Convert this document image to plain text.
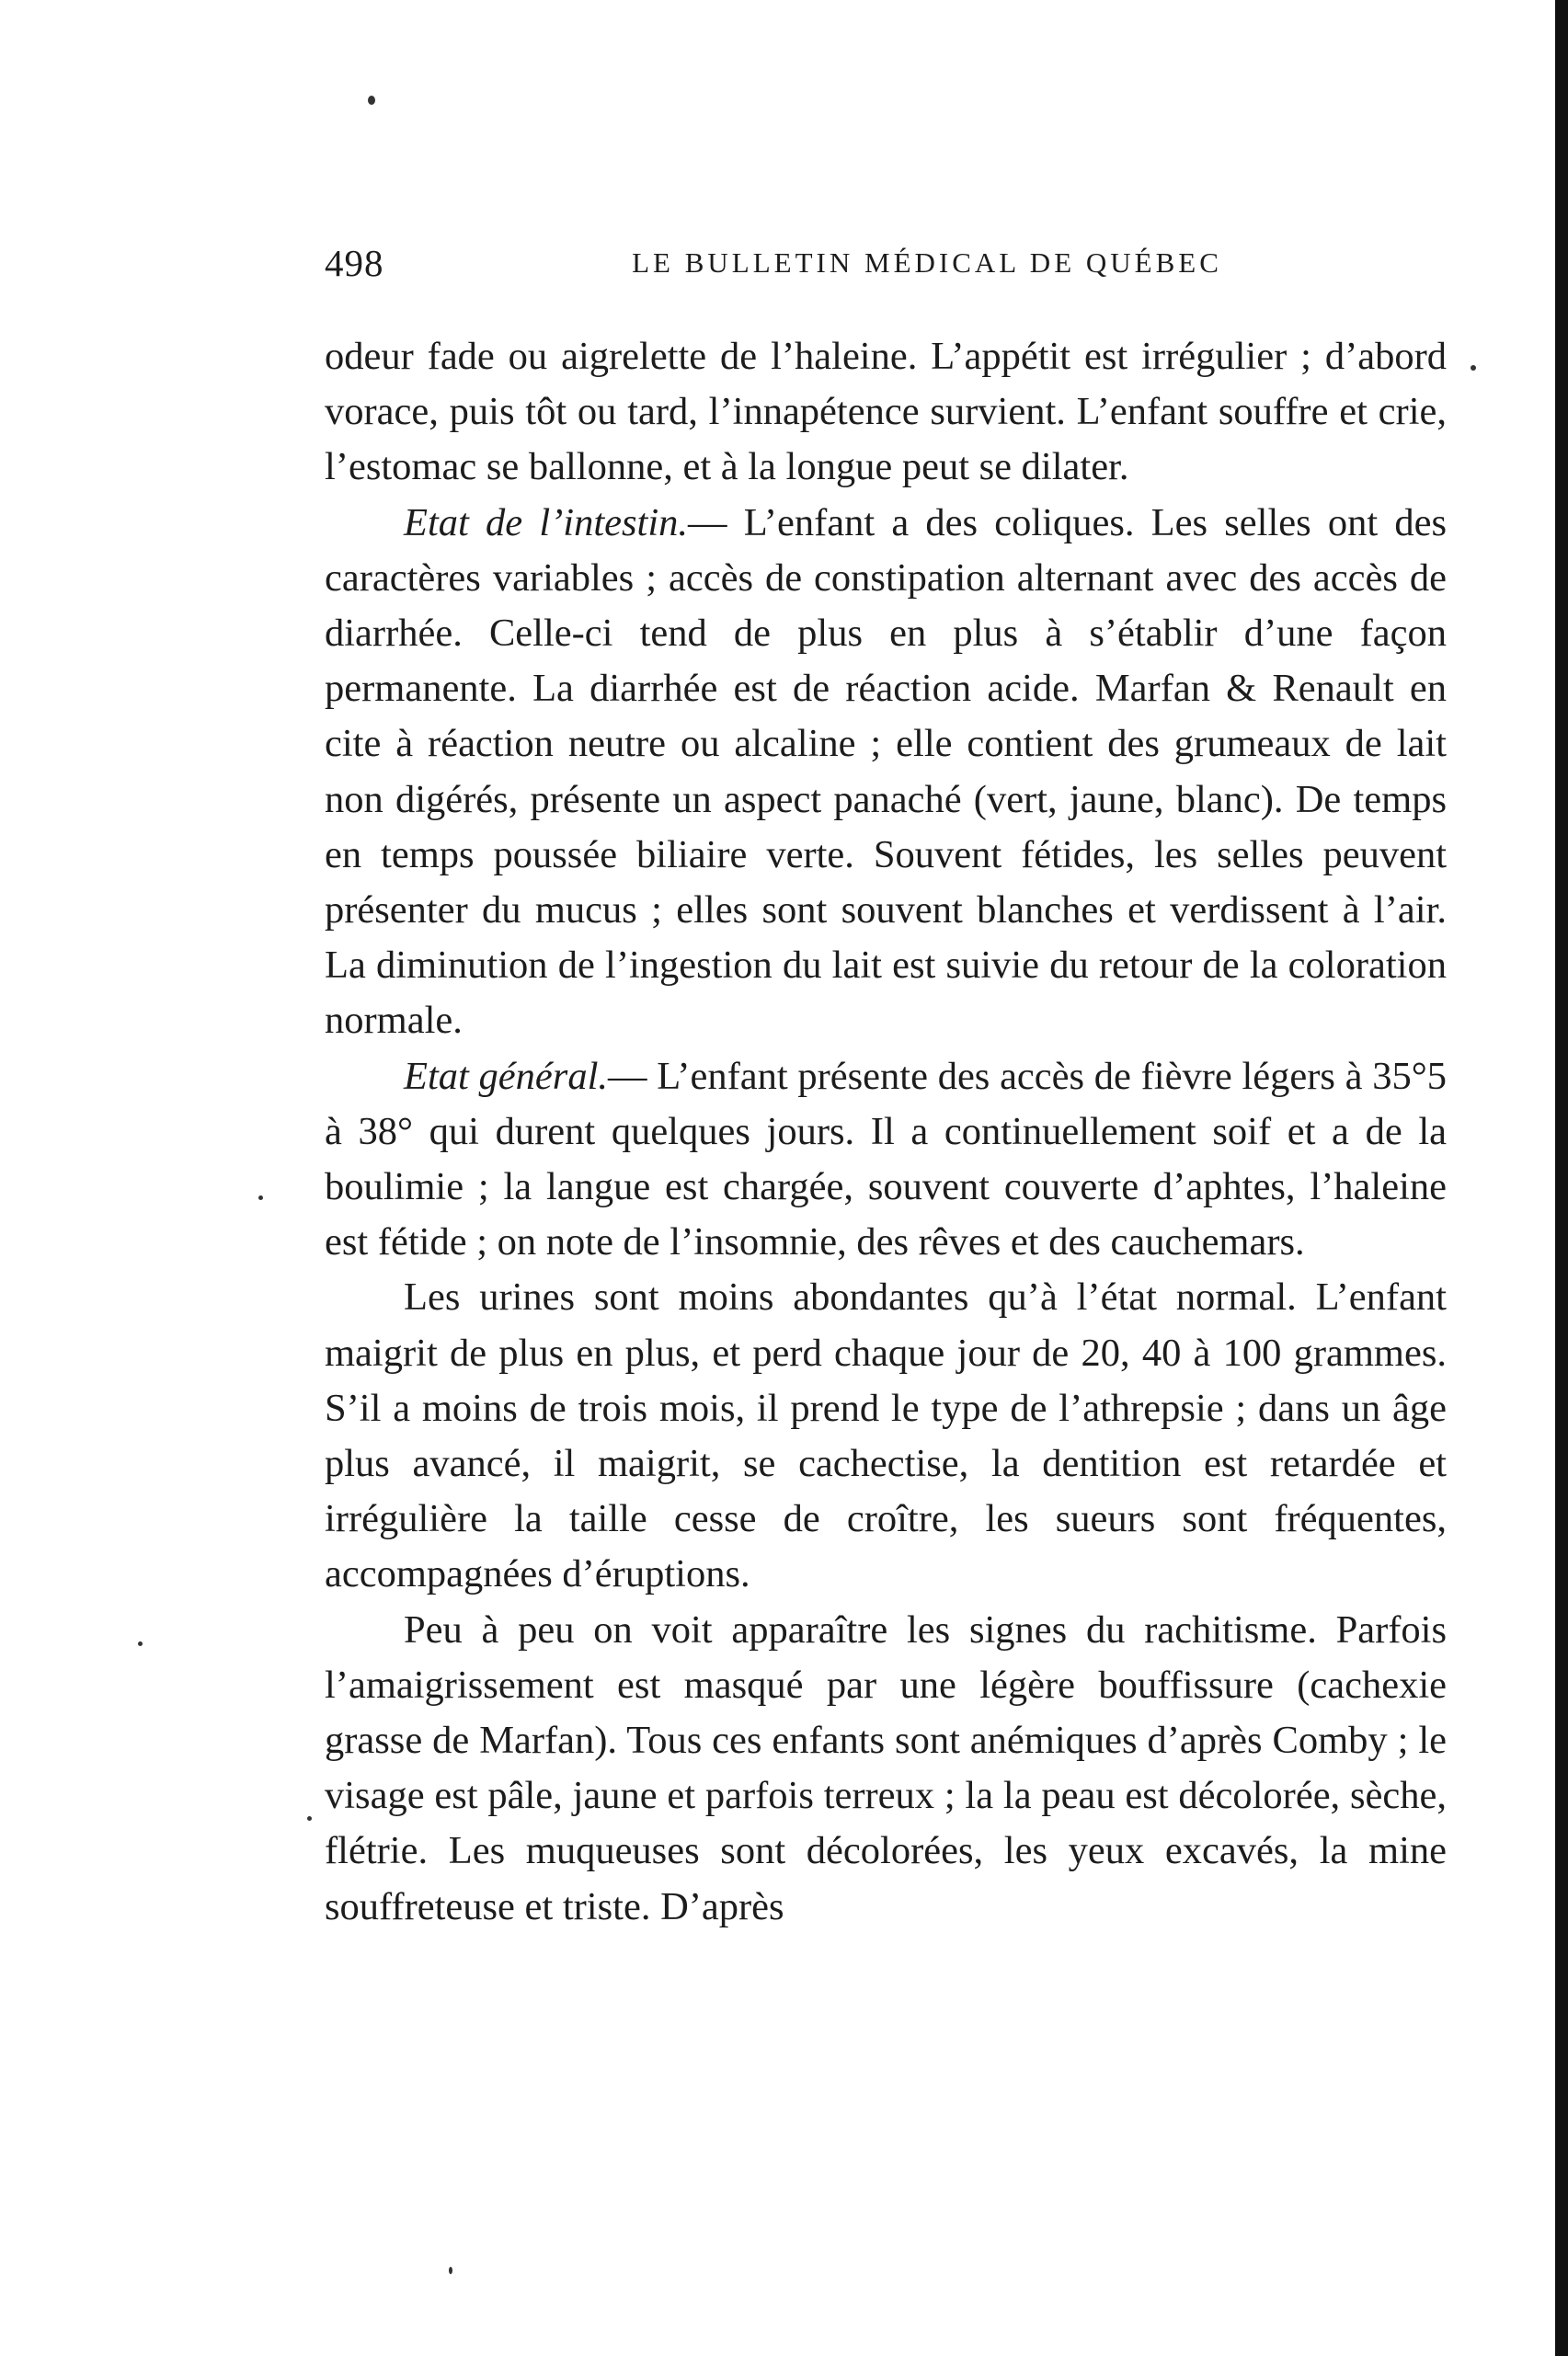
498	LE BULLETIN MÉDICAL DE QUÉBEC

odeur fade ou aigrelette de l’haleine. L’appétit est irrégulier ; d’abord vorace, puis tôt ou tard, l’innapétence survient. L’enfant souffre et crie, l’estomac se ballonne, et à la longue peut se dilater.

Etat de l’intestin.— L’enfant a des coliques. Les selles ont des caractères variables ; accès de constipation alternant avec des accès de diarrhée. Celle-ci tend de plus en plus à s’établir d’une façon permanente. La diarrhée est de réaction acide. Marfan & Renault en cite à réaction neutre ou alcaline ; elle contient des grumeaux de lait non digérés, présente un aspect panaché (vert, jaune, blanc). De temps en temps poussée biliaire verte. Souvent fétides, les selles peuvent présenter du mucus ; elles sont souvent blanches et verdissent à l’air. La diminution de l’ingestion du lait est suivie du retour de la coloration normale.

Etat général.— L’enfant présente des accès de fièvre légers à 35°5 à 38° qui durent quelques jours. Il a continuellement soif et a de la boulimie ; la langue est chargée, souvent couverte d’aphtes, l’haleine est fétide ; on note de l’insomnie, des rêves et des cauchemars.

Les urines sont moins abondantes qu’à l’état normal. L’enfant maigrit de plus en plus, et perd chaque jour de 20, 40 à 100 grammes. S’il a moins de trois mois, il prend le type de l’athrepsie ; dans un âge plus avancé, il maigrit, se cachectise, la dentition est retardée et irrégulière la taille cesse de croître, les sueurs sont fréquentes, accompagnées d’éruptions.

Peu à peu on voit apparaître les signes du rachitisme. Parfois l’amaigrissement est masqué par une légère bouffissure (cachexie grasse de Marfan). Tous ces enfants sont anémiques d’après Comby ; le visage est pâle, jaune et parfois terreux ; la la peau est décolorée, sèche, flétrie. Les muqueuses sont décolorées, les yeux excavés, la mine souffreteuse et triste. D’après
